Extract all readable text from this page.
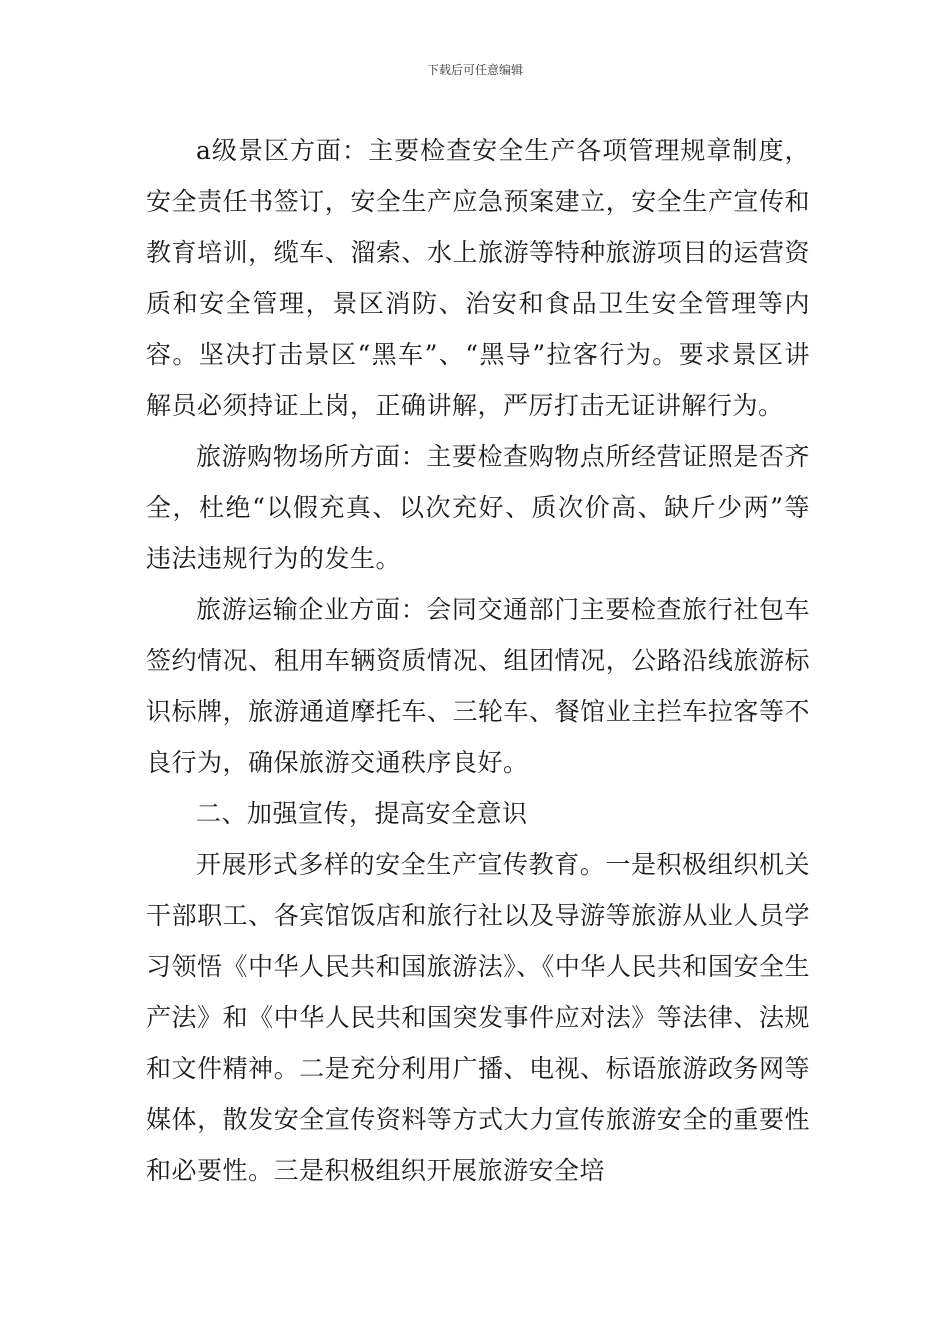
下载后可任意编辑

a级景区方面：主要检查安全生产各项管理规章制度，安全责任书签订，安全生产应急预案建立，安全生产宣传和教育培训，缆车、溜索、水上旅游等特种旅游项目的运营资质和安全管理，景区消防、治安和食品卫生安全管理等内容。坚决打击景区“黑车”、“黑导”拉客行为。要求景区讲解员必须持证上岗，正确讲解，严厉打击无证讲解行为。

旅游购物场所方面：主要检查购物点所经营证照是否齐全，杜绝“以假充真、以次充好、质次价高、缺斤少两”等违法违规行为的发生。

旅游运输企业方面：会同交通部门主要检查旅行社包车签约情况、租用车辆资质情况、组团情况，公路沿线旅游标识标牌，旅游通道摩托车、三轮车、餐馆业主拦车拉客等不良行为，确保旅游交通秩序良好。

二、加强宣传，提高安全意识

开展形式多样的安全生产宣传教育。一是积极组织机关干部职工、各宾馆饭店和旅行社以及导游等旅游从业人员学习领悟《中华人民共和国旅游法》、《中华人民共和国安全生产法》和《中华人民共和国突发事件应对法》等法律、法规和文件精神。二是充分利用广播、电视、标语旅游政务网等媒体，散发安全宣传资料等方式大力宣传旅游安全的重要性和必要性。三是积极组织开展旅游安全培
